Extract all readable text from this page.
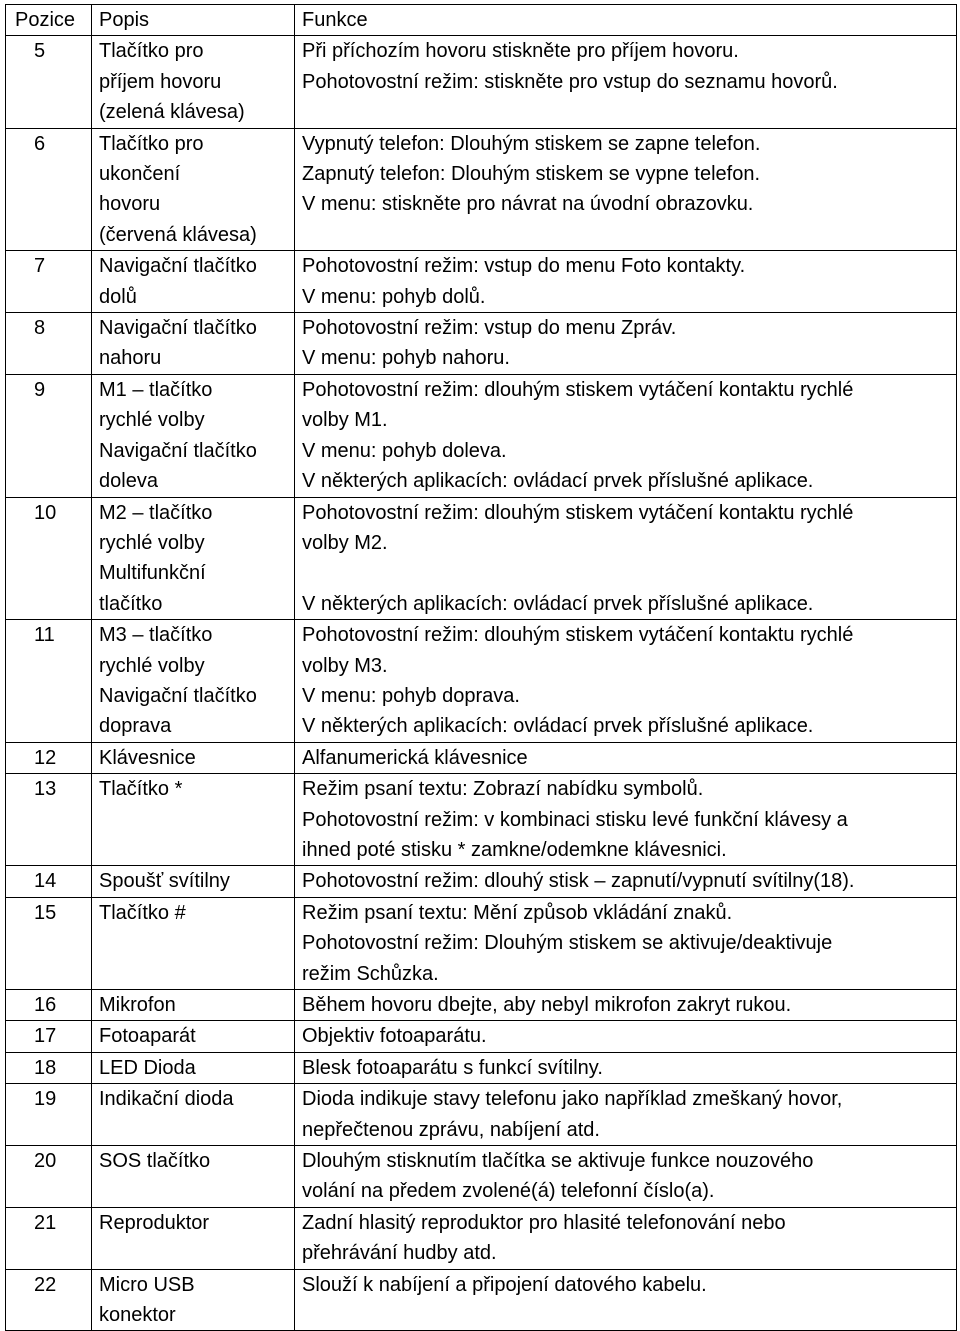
Pozice	Popis	Funkce
5	Tlačítko pro
příjem hovoru
(zelená klávesa)	Při příchozím hovoru stiskněte pro příjem hovoru.
Pohotovostní režim: stiskněte pro vstup do seznamu hovorů.

6	Tlačítko pro
ukončení
hovoru
(červená klávesa)	Vypnutý telefon: Dlouhým stiskem se zapne telefon.
Zapnutý telefon: Dlouhým stiskem se vypne telefon.
V menu: stiskněte pro návrat na úvodní obrazovku.

7	Navigační tlačítko
dolů	Pohotovostní režim: vstup do menu Foto kontakty.
V menu: pohyb dolů.

8	Navigační tlačítko
nahoru	Pohotovostní režim: vstup do menu Zpráv.
V menu: pohyb nahoru.

9	M1 – tlačítko
rychlé volby
Navigační tlačítko
doleva	Pohotovostní režim: dlouhým stiskem vytáčení kontaktu rychlé
volby M1.
V menu: pohyb doleva.
V některých aplikacích: ovládací prvek příslušné aplikace.

10	M2 – tlačítko
rychlé volby
Multifunkční
tlačítko	Pohotovostní režim: dlouhým stiskem vytáčení kontaktu rychlé
volby M2.
V některých aplikacích: ovládací prvek příslušné aplikace.

11	M3 – tlačítko
rychlé volby
Navigační tlačítko
doprava	Pohotovostní režim: dlouhým stiskem vytáčení kontaktu rychlé
volby M3.
V menu: pohyb doprava.
V některých aplikacích: ovládací prvek příslušné aplikace.

12	Klávesnice	Alfanumerická klávesnice

13	Tlačítko *	Režim psaní textu: Zobrazí nabídku symbolů.
Pohotovostní režim: v kombinaci stisku levé funkční klávesy a
ihned poté stisku * zamkne/odemkne klávesnici.

14	Spoušť svítilny	Pohotovostní režim: dlouhý stisk – zapnutí/vypnutí svítilny(18).

15	Tlačítko #	Režim psaní textu: Mění způsob vkládání znaků.
Pohotovostní režim: Dlouhým stiskem se aktivuje/deaktivuje
režim Schůzka.

16	Mikrofon	Během hovoru dbejte, aby nebyl mikrofon zakryt rukou.

17	Fotoaparát	Objektiv fotoaparátu.

18	LED Dioda	Blesk fotoaparátu s funkcí svítilny.

19	Indikační dioda	Dioda indikuje stavy telefonu jako například zmeškaný hovor,
nepřečtenou zprávu, nabíjení atd.

20	SOS tlačítko	Dlouhým stisknutím tlačítka se aktivuje funkce nouzového
volání na předem zvolené(á) telefonní číslo(a).

21	Reproduktor	Zadní hlasitý reproduktor pro hlasité telefonování nebo
přehrávání hudby atd.

22	Micro USB
konektor	Slouží k nabíjení a připojení datového kabelu.
